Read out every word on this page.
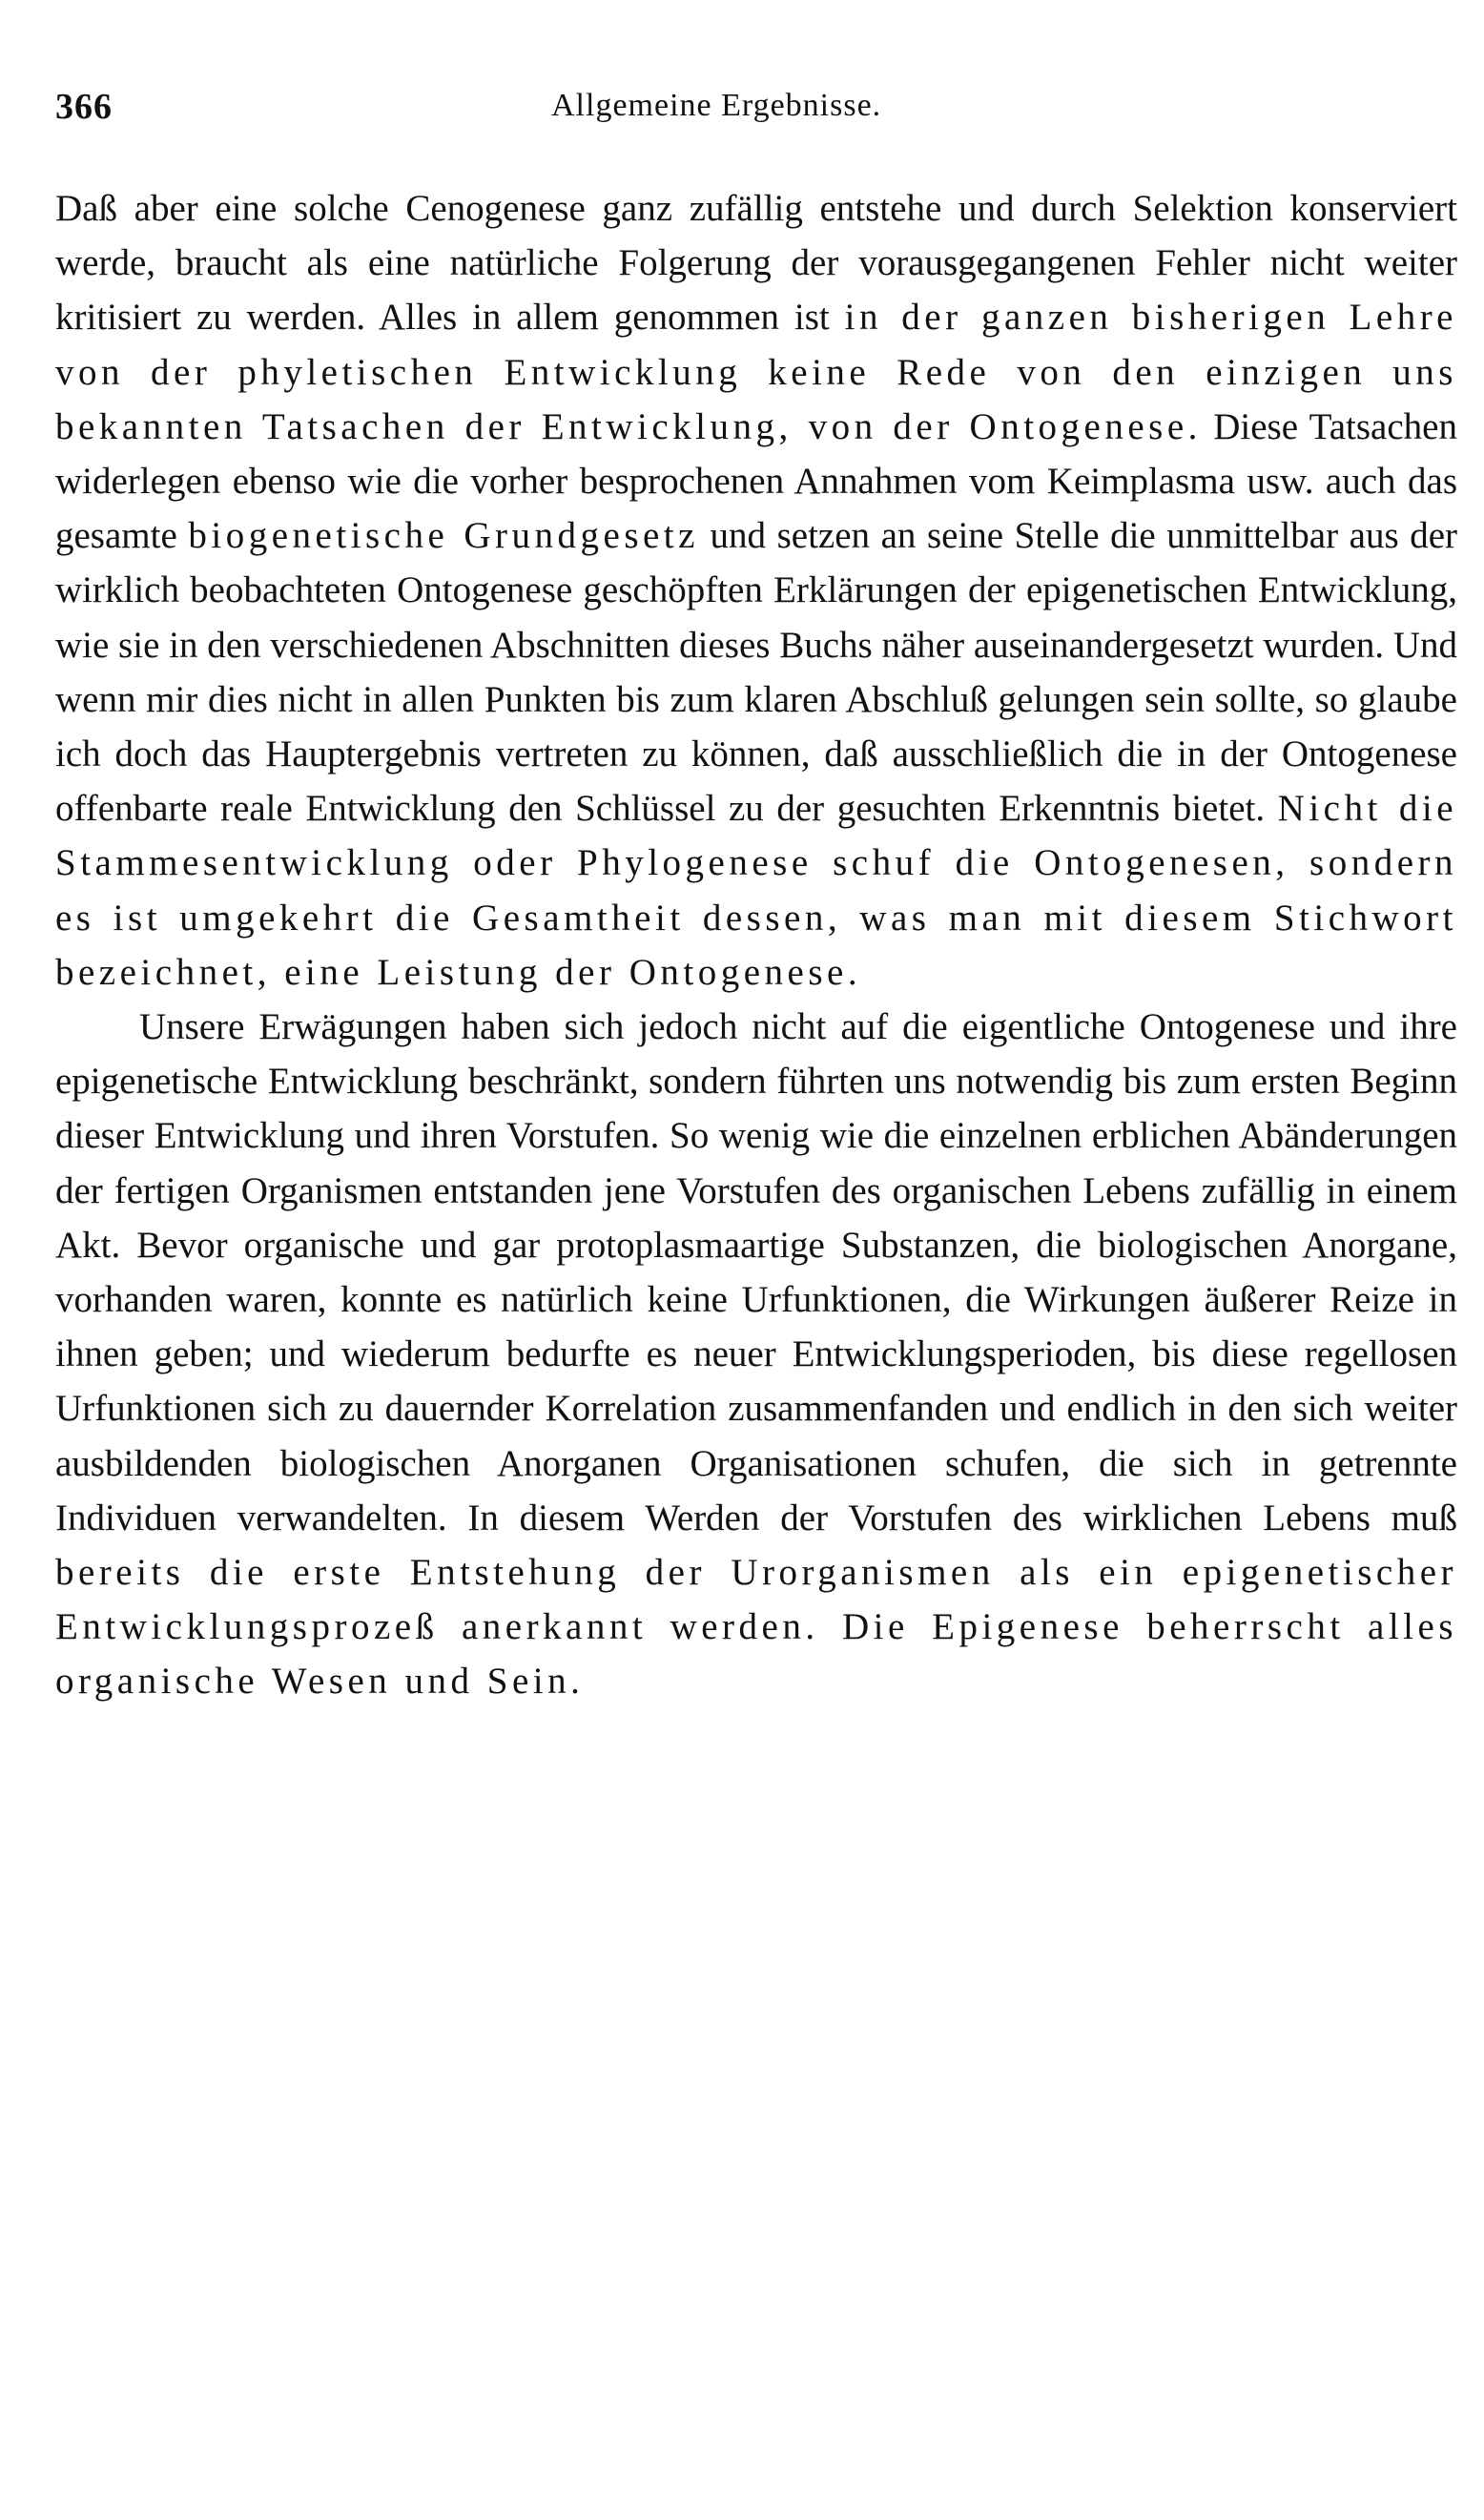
366	Allgemeine Ergebnisse.

Daß aber eine solche Cenogenese ganz zufällig entstehe und durch Selektion konserviert werde, braucht als eine natürliche Folgerung der vorausgegangenen Fehler nicht weiter kritisiert zu werden. Alles in allem genommen ist in der ganzen bisherigen Lehre von der phyletischen Entwicklung keine Rede von den einzigen uns bekannten Tatsachen der Entwicklung, von der Ontogenese. Diese Tatsachen widerlegen ebenso wie die vorher besprochenen Annahmen vom Keimplasma usw. auch das gesamte biogenetische Grundgesetz und setzen an seine Stelle die unmittelbar aus der wirklich beobachteten Ontogenese geschöpften Erklärungen der epigenetischen Entwicklung, wie sie in den verschiedenen Abschnitten dieses Buchs näher auseinandergesetzt wurden. Und wenn mir dies nicht in allen Punkten bis zum klaren Abschluß gelungen sein sollte, so glaube ich doch das Hauptergebnis vertreten zu können, daß ausschließlich die in der Ontogenese offenbarte reale Entwicklung den Schlüssel zu der gesuchten Erkenntnis bietet. Nicht die Stammesentwicklung oder Phylogenese schuf die Ontogenesen, sondern es ist umgekehrt die Gesamtheit dessen, was man mit diesem Stichwort bezeichnet, eine Leistung der Ontogenese.

Unsere Erwägungen haben sich jedoch nicht auf die eigentliche Ontogenese und ihre epigenetische Entwicklung beschränkt, sondern führten uns notwendig bis zum ersten Beginn dieser Entwicklung und ihren Vorstufen. So wenig wie die einzelnen erblichen Abänderungen der fertigen Organismen entstanden jene Vorstufen des organischen Lebens zufällig in einem Akt. Bevor organische und gar protoplasmaartige Substanzen, die biologischen Anorgane, vorhanden waren, konnte es natürlich keine Urfunktionen, die Wirkungen äußerer Reize in ihnen geben; und wiederum bedurfte es neuer Entwicklungsperioden, bis diese regellosen Urfunktionen sich zu dauernder Korrelation zusammenfanden und endlich in den sich weiter ausbildenden biologischen Anorganen Organisationen schufen, die sich in getrennte Individuen verwandelten. In diesem Werden der Vorstufen des wirklichen Lebens muß bereits die erste Entstehung der Urorganismen als ein epigenetischer Entwicklungsprozeß anerkannt werden. Die Epigenese beherrscht alles organische Wesen und Sein.
